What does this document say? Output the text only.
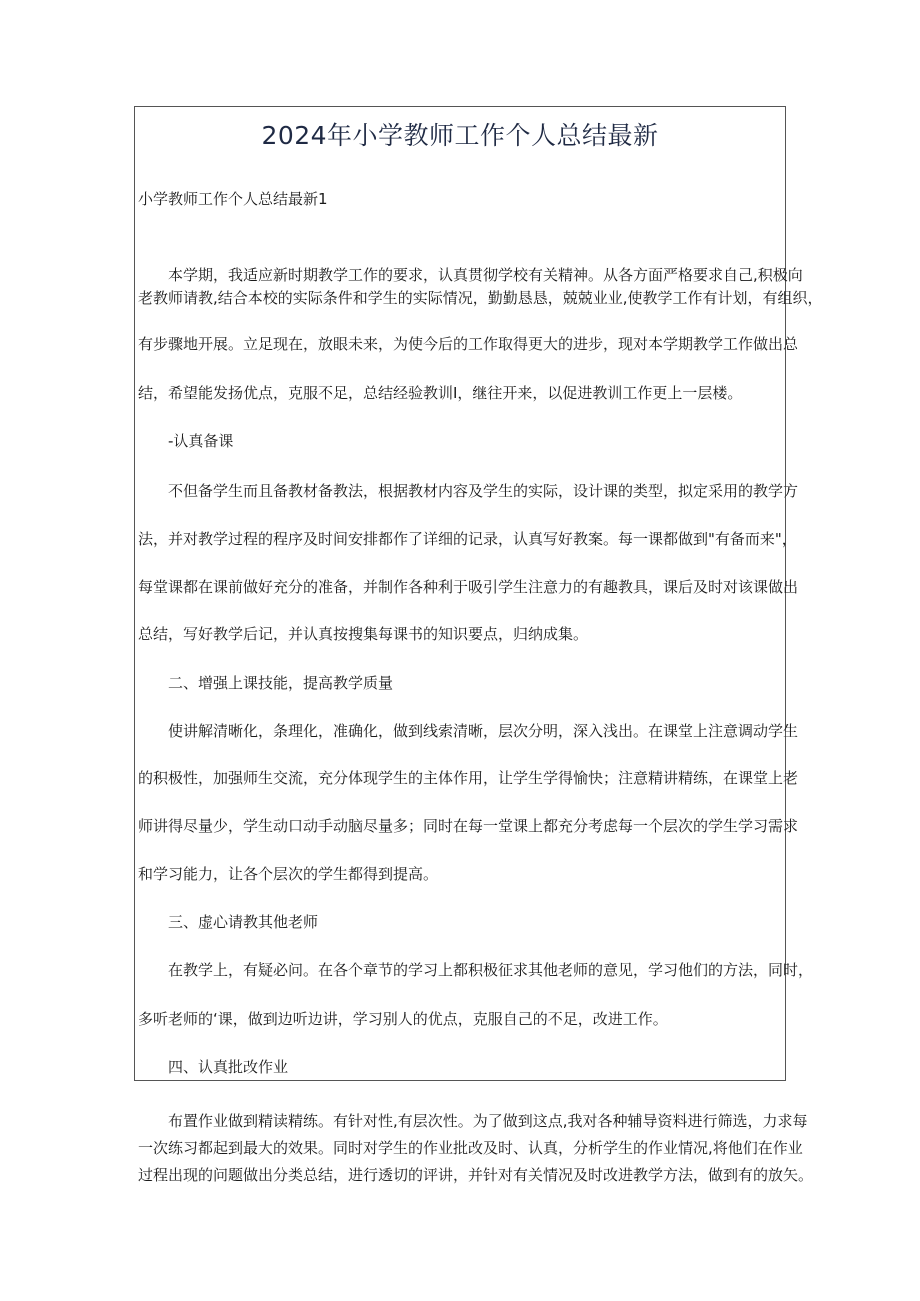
2024年小学教师工作个人总结最新

小学教师工作个人总结最新1

本学期，我适应新时期教学工作的要求，认真贯彻学校有关精神。从各方面严格要求自己,积极向

老教师请教,结合本校的实际条件和学生的实际情况，勤勤恳恳，兢兢业业,使教学工作有计划，有组织，

有步骤地开展。立足现在，放眼未来，为使今后的工作取得更大的进步，现对本学期教学工作做出总

结，希望能发扬优点，克服不足，总结经验教训Ⅰ，继往开来，以促进教训工作更上一层楼。

-认真备课

不但备学生而且备教材备教法，根据教材内容及学生的实际，设计课的类型，拟定采用的教学方

法，并对教学过程的程序及时间安排都作了详细的记录，认真写好教案。每一课都做到"有备而来"，

每堂课都在课前做好充分的准备，并制作各种利于吸引学生注意力的有趣教具，课后及时对该课做出

总结，写好教学后记，并认真按搜集每课书的知识要点，归纳成集。

二、增强上课技能，提高教学质量

使讲解清晰化，条理化，准确化，做到线索清晰，层次分明，深入浅出。在课堂上注意调动学生

的积极性，加强师生交流，充分体现学生的主体作用，让学生学得愉快；注意精讲精练，在课堂上老

师讲得尽量少，学生动口动手动脑尽量多；同时在每一堂课上都充分考虑每一个层次的学生学习需求

和学习能力，让各个层次的学生都得到提高。

三、虚心请教其他老师

在教学上，有疑必问。在各个章节的学习上都积极征求其他老师的意见，学习他们的方法，同时，

多听老师的‘课，做到边听边讲，学习别人的优点，克服自己的不足，改进工作。

四、认真批改作业

布置作业做到精读精练。有针对性,有层次性。为了做到这点,我对各种辅导资料进行筛选，力求每

一次练习都起到最大的效果。同时对学生的作业批改及时、认真，分析学生的作业情况,将他们在作业

过程出现的问题做出分类总结，进行透切的评讲，并针对有关情况及时改进教学方法，做到有的放矢。
